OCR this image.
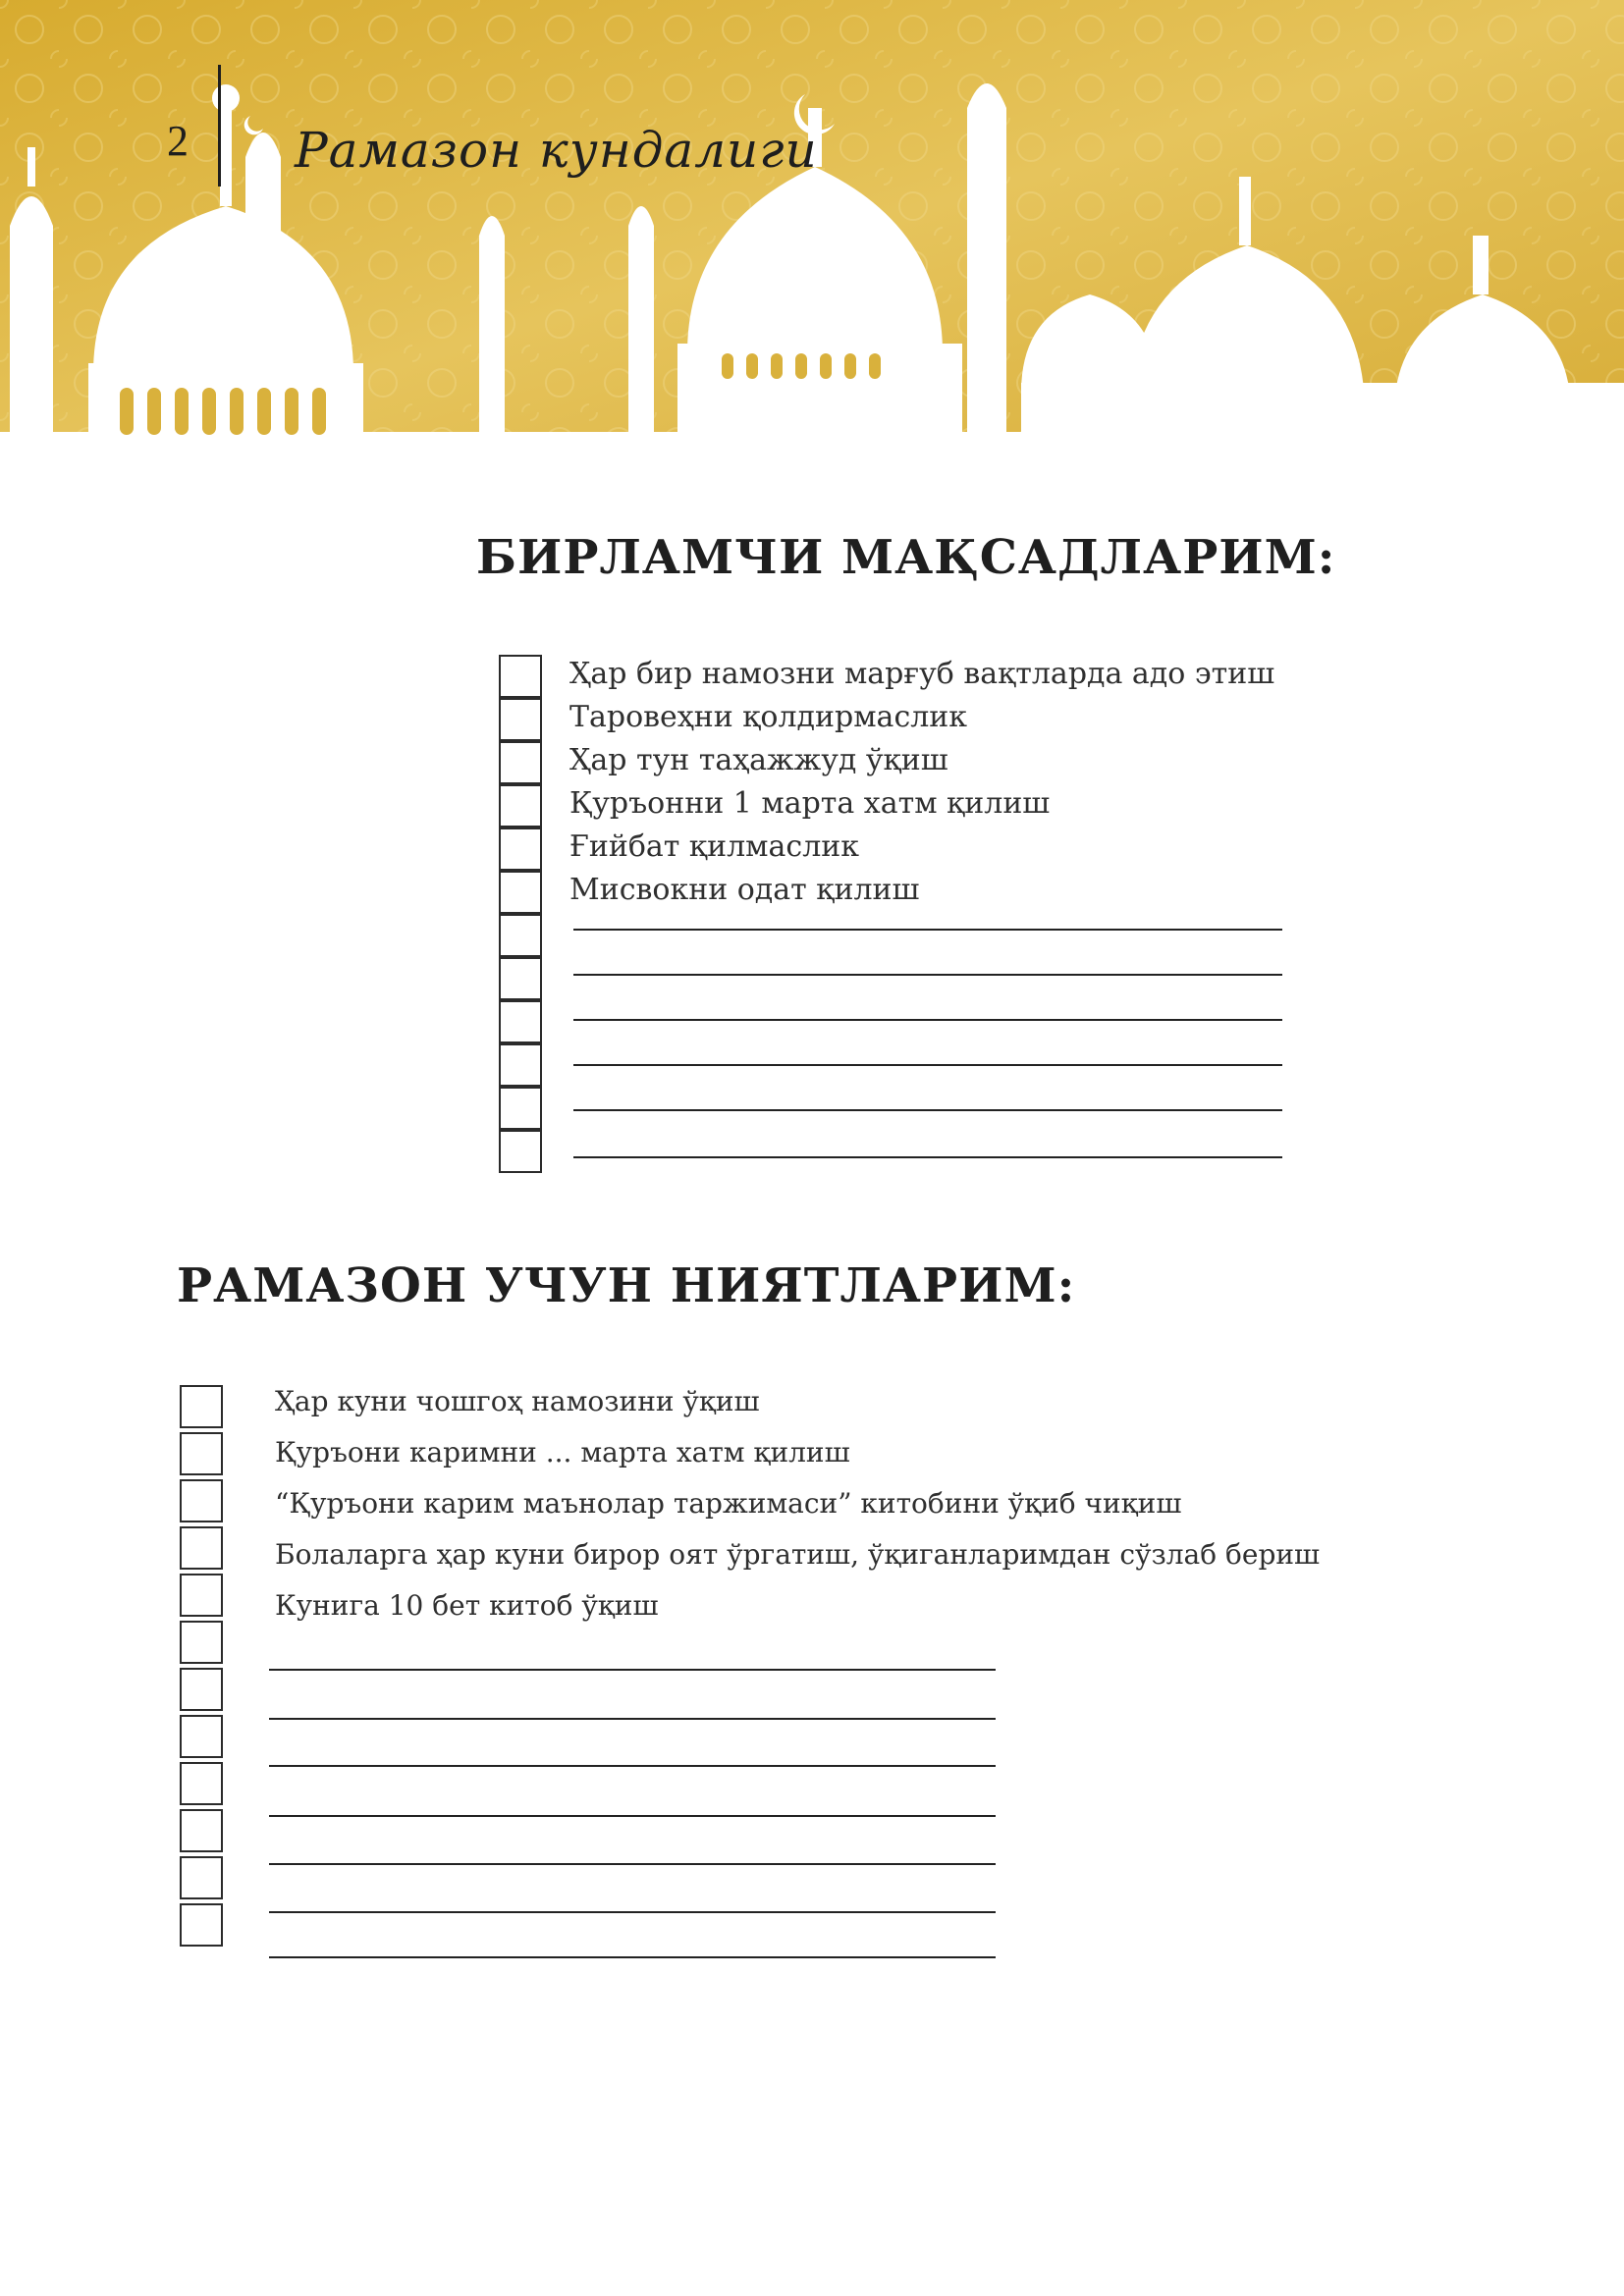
2 Рамазон кундалиги
БИРЛАМЧИ МАҚСАДЛАРИМ:
Ҳар бир намозни марғуб вақтларда адо этиш
Таровеҳни қолдирмаслик
Ҳар тун таҳажжуд ўқиш
Қуръонни 1 марта хатм қилиш
Ғийбат қилмаслик
Мисвокни одат қилиш
РАМАЗОН УЧУН НИЯТЛАРИМ:
Ҳар куни чошгоҳ намозини ўқиш
Қуръони каримни ... марта хатм қилиш
“Қуръони карим маънолар таржимаси” китобини ўқиб чиқиш
Болаларга ҳар куни бирор оят ўргатиш, ўқиганларимдан сўзлаб бериш
Кунига 10 бет китоб ўқиш
